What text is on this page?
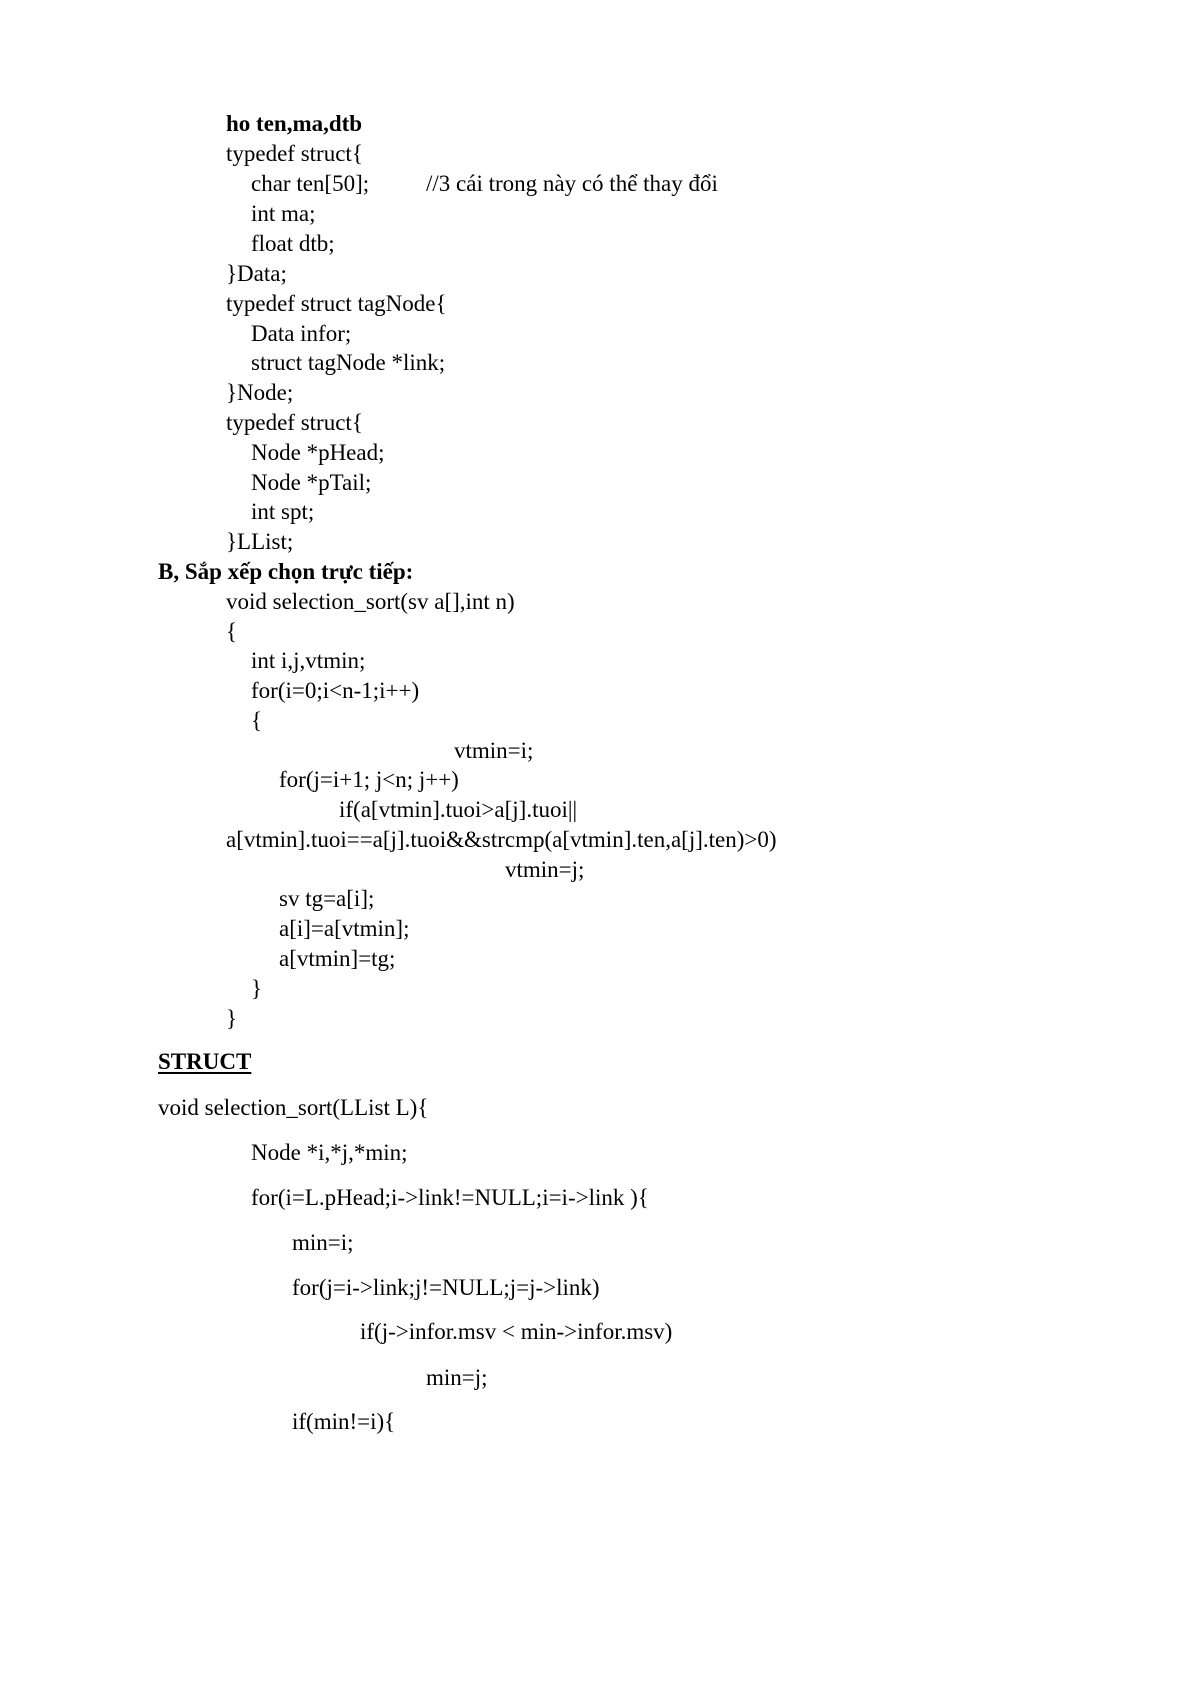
ho ten,ma,dtb
typedef struct{
char ten[50]; //3 cái trong này có thể thay đổi
int ma;
float dtb;
}Data;
typedef struct tagNode{
Data infor;
struct tagNode *link;
}Node;
typedef struct{
Node *pHead;
Node *pTail;
int spt;
}LList;
B, Sắp xếp chọn trực tiếp:
void selection_sort(sv a[],int n)
{
int i,j,vtmin;
for(i=0;i<n-1;i++)
{
vtmin=i;
for(j=i+1; j<n; j++)
if(a[vtmin].tuoi>a[j].tuoi||
a[vtmin].tuoi==a[j].tuoi&&strcmp(a[vtmin].ten,a[j].ten)>0)
vtmin=j;
sv tg=a[i];
a[i]=a[vtmin];
a[vtmin]=tg;
}
}
STRUCT
void selection_sort(LList L){
Node *i,*j,*min;
for(i=L.pHead;i->link!=NULL;i=i->link ){
min=i;
for(j=i->link;j!=NULL;j=j->link)
if(j->infor.msv < min->infor.msv)
min=j;
if(min!=i){
